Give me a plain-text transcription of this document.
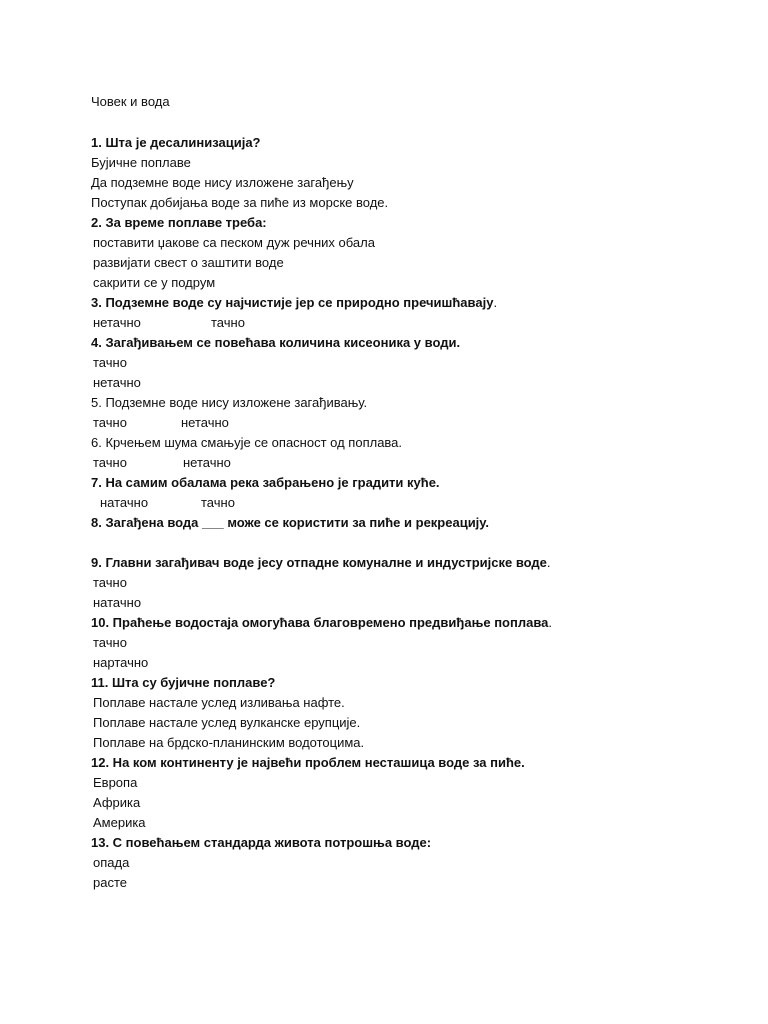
Човек и вода
1. Шта је десалинизација?
Бујичне поплаве
Да подземне воде нису изложене загађењу
Поступак добијања воде за пиће из морске воде.
2. За време поплаве треба:
поставити џакове са песком дуж речних обала
развијати свест о заштити воде
сакрити се у подрум
3. Подземне воде су најчистије јер се природно пречишћавају.
нетачно	тачно
4. Загађивањем се повећава количина кисеоника у води.
тачно
нетачно
5. Подземне воде нису изложене загађивању.
тачно	нетачно
6. Крчењем шума смањује се опасност од поплава.
тачно	нетачно
7. На самим обалама река забрањено је градити куће.
натачно	тачно
8. Загађена вода ___ може се користити за пиће и рекреацију.
9. Главни загађивач воде јесу отпадне комуналне и индустријске воде.
тачно
натачно
10. Праћење водостаја омогућава благовремено предвиђање поплава.
тачно
нартачно
11. Шта су бујичне поплаве?
Поплаве настале услед изливања нафте.
Поплаве настале услед вулканске ерупције.
Поплаве на брдско-планинским водотоцима.
12. На ком континенту је највећи проблем несташица воде за пиће.
Европа
Африка
Америка
13. С повећањем стандарда живота потрошња воде:
опада
расте
